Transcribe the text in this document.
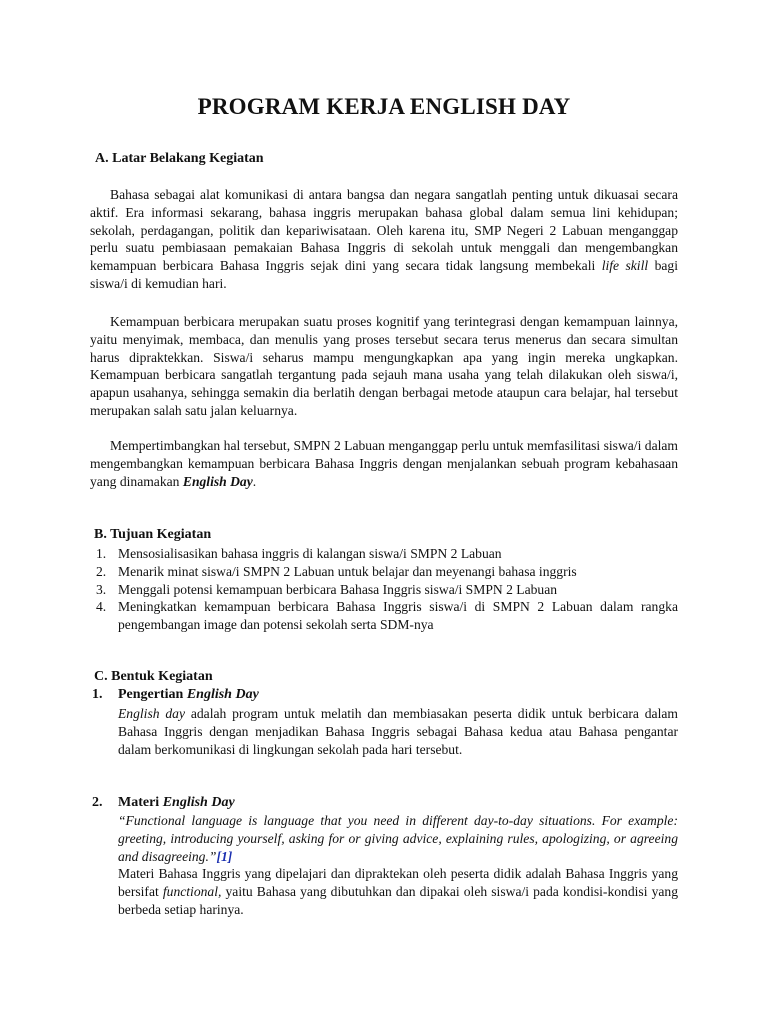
PROGRAM KERJA ENGLISH DAY

A. Latar Belakang Kegiatan

Bahasa sebagai alat komunikasi di antara bangsa dan negara sangatlah penting untuk dikuasai secara aktif. Era informasi sekarang, bahasa inggris merupakan bahasa global dalam semua lini kehidupan; sekolah, perdagangan, politik dan kepariwisataan. Oleh karena itu, SMP Negeri 2 Labuan menganggap perlu suatu pembiasaan pemakaian Bahasa Inggris di sekolah untuk menggali dan mengembangkan kemampuan berbicara Bahasa Inggris sejak dini yang secara tidak langsung membekali life skill bagi siswa/i di kemudian hari.

Kemampuan berbicara merupakan suatu proses kognitif yang terintegrasi dengan kemampuan lainnya, yaitu menyimak, membaca, dan menulis yang proses tersebut secara terus menerus dan secara simultan harus dipraktekkan. Siswa/i seharus mampu mengungkapkan apa yang ingin mereka ungkapkan. Kemampuan berbicara sangatlah tergantung pada sejauh mana usaha yang telah dilakukan oleh siswa/i, apapun usahanya, sehingga semakin dia berlatih dengan berbagai metode ataupun cara belajar, hal tersebut merupakan salah satu jalan keluarnya.

Mempertimbangkan hal tersebut, SMPN 2 Labuan menganggap perlu untuk memfasilitasi siswa/i dalam mengembangkan kemampuan berbicara Bahasa Inggris dengan menjalankan sebuah program kebahasaan yang dinamakan English Day.

B. Tujuan Kegiatan

1. Mensosialisasikan bahasa inggris di kalangan siswa/i SMPN 2 Labuan
2. Menarik minat siswa/i SMPN 2 Labuan untuk belajar dan meyenangi bahasa inggris
3. Menggali potensi kemampuan berbicara Bahasa Inggris siswa/i SMPN 2 Labuan
4. Meningkatkan kemampuan berbicara Bahasa Inggris siswa/i di SMPN 2 Labuan dalam rangka pengembangan image dan potensi sekolah serta SDM-nya

C. Bentuk Kegiatan

1. Pengertian English Day

English day adalah program untuk melatih dan membiasakan peserta didik untuk berbicara dalam Bahasa Inggris dengan menjadikan Bahasa Inggris sebagai Bahasa kedua atau Bahasa pengantar dalam berkomunikasi di lingkungan sekolah pada hari tersebut.

2. Materi English Day

“Functional language is language that you need in different day-to-day situations. For example: greeting, introducing yourself, asking for or giving advice, explaining rules, apologizing, or agreeing and disagreeing.”[1]

Materi Bahasa Inggris yang dipelajari dan dipraktekan oleh peserta didik adalah Bahasa Inggris yang bersifat functional, yaitu Bahasa yang dibutuhkan dan dipakai oleh siswa/i pada kondisi-kondisi yang berbeda setiap harinya.
